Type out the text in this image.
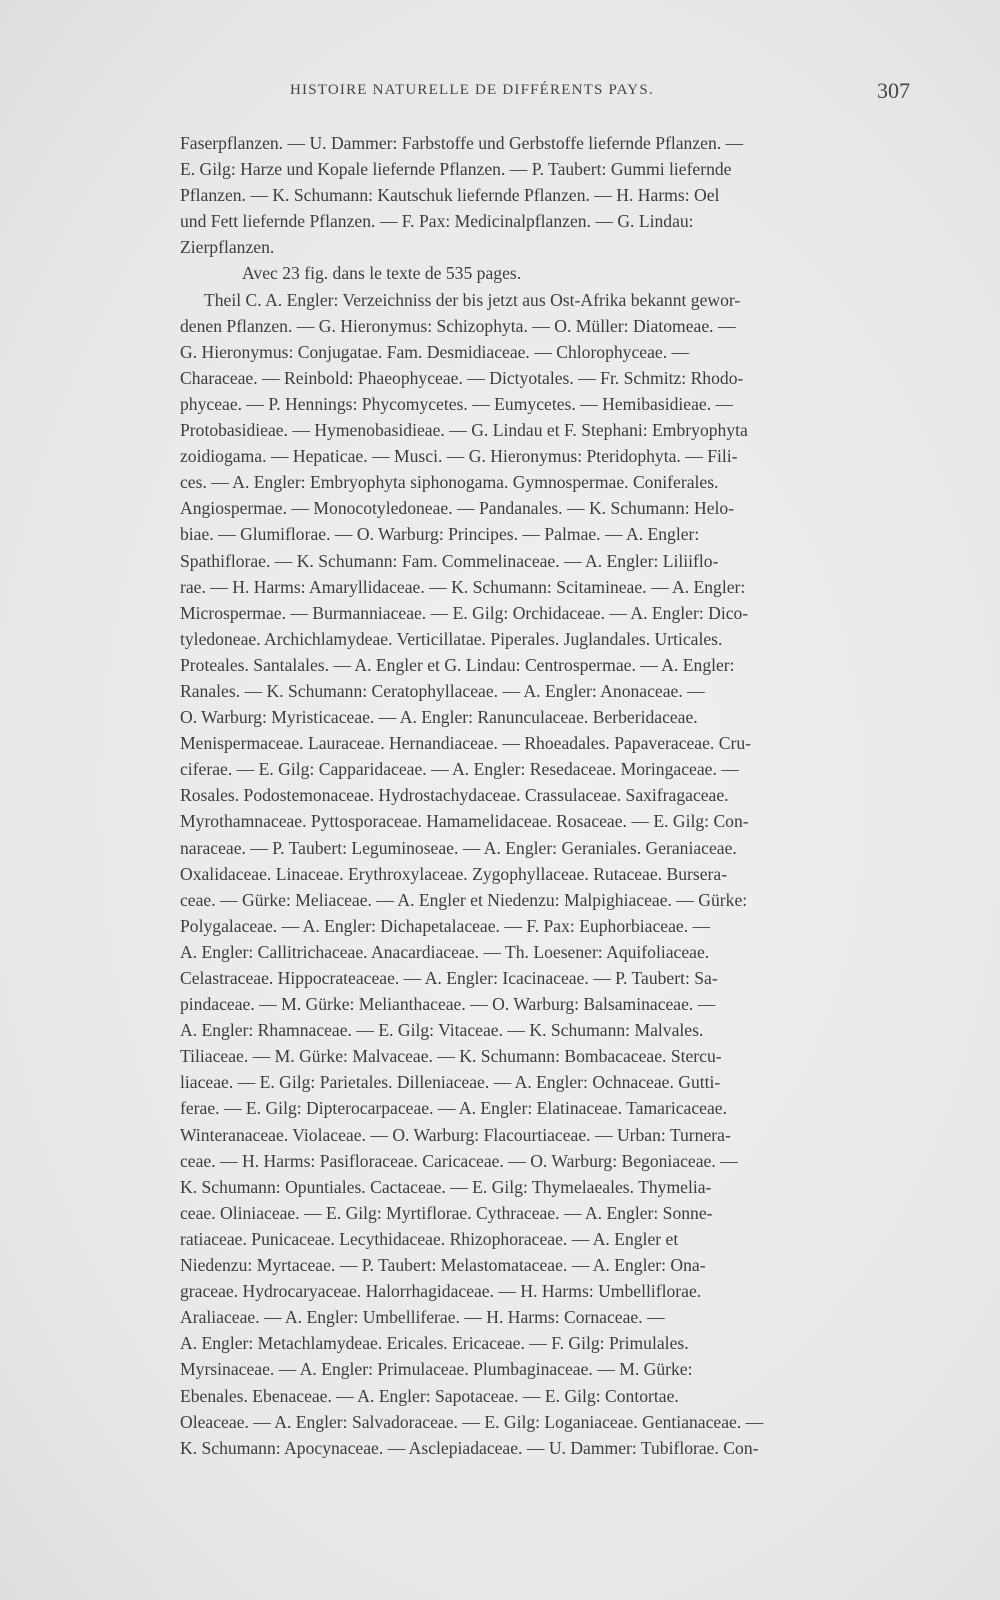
HISTOIRE NATURELLE DE DIFFÉRENTS PAYS.	307
Faserpflanzen. — U. Dammer: Farbstoffe und Gerbstoffe liefernde Pflanzen. —
E. Gilg: Harze und Kopale liefernde Pflanzen. — P. Taubert: Gummi liefernde
Pflanzen. — K. Schumann: Kautschuk liefernde Pflanzen. — H. Harms: Oel
und Fett liefernde Pflanzen. — F. Pax: Medicinalpflanzen. — G. Lindau:
Zierpflanzen.
Avec 23 fig. dans le texte de 535 pages.
Theil C. A. Engler: Verzeichniss der bis jetzt aus Ost-Afrika bekannt gewor-
denen Pflanzen. — G. Hieronymus: Schizophyta. — O. Müller: Diatomeae. —
G. Hieronymus: Conjugatae. Fam. Desmidiaceae. — Chlorophyceae. —
Characeae. — Reinbold: Phaeophyceae. — Dictyotales. — Fr. Schmitz: Rhodo-
phyceae. — P. Hennings: Phycomycetes. — Eumycetes. — Hemibasidieae. —
Protobasidieae. — Hymenobasidieae. — G. Lindau et F. Stephani: Embryophyta
zoidiogama. — Hepaticae. — Musci. — G. Hieronymus: Pteridophyta. — Fili-
ces. — A. Engler: Embryophyta siphonogama. Gymnospermae. Coniferales.
Angiospermae. — Monocotyledoneae. — Pandanales. — K. Schumann: Helo-
biae. — Glumiflorae. — O. Warburg: Principes. — Palmae. — A. Engler:
Spathiflorae. — K. Schumann: Fam. Commelinaceae. — A. Engler: Liliiflo-
rae. — H. Harms: Amaryllidaceae. — K. Schumann: Scitamineae. — A. Engler:
Microspermae. — Burmanniaceae. — E. Gilg: Orchidaceae. — A. Engler: Dico-
tyledoneae. Archichlamydeae. Verticillatae. Piperales. Juglandales. Urticales.
Proteales. Santalales. — A. Engler et G. Lindau: Centrospermae. — A. Engler:
Ranales. — K. Schumann: Ceratophyllaceae. — A. Engler: Anonaceae. —
O. Warburg: Myristicaceae. — A. Engler: Ranunculaceae. Berberidaceae.
Menispermaceae. Lauraceae. Hernandiaceae. — Rhoeadales. Papaveraceae. Cru-
ciferae. — E. Gilg: Capparidaceae. — A. Engler: Resedaceae. Moringaceae. —
Rosales. Podostemonaceae. Hydrostachydaceae. Crassulaceae. Saxifragaceae.
Myrothamnaceae. Pyttosporaceae. Hamamelidaceae. Rosaceae. — E. Gilg: Con-
naraceae. — P. Taubert: Leguminoseae. — A. Engler: Geraniales. Geraniaceae.
Oxalidaceae. Linaceae. Erythroxylaceae. Zygophyllaceae. Rutaceae. Bursera-
ceae. — Gürke: Meliaceae. — A. Engler et Niedenzu: Malpighiaceae. — Gürke:
Polygalaceae. — A. Engler: Dichapetalaceae. — F. Pax: Euphorbiaceae. —
A. Engler: Callitrichaceae. Anacardiaceae. — Th. Loesener: Aquifoliaceae.
Celastraceae. Hippocrateaceae. — A. Engler: Icacinaceae. — P. Taubert: Sa-
pindaceae. — M. Gürke: Melianthaceae. — O. Warburg: Balsaminaceae. —
A. Engler: Rhamnaceae. — E. Gilg: Vitaceae. — K. Schumann: Malvales.
Tiliaceae. — M. Gürke: Malvaceae. — K. Schumann: Bombacaceae. Stercu-
liaceae. — E. Gilg: Parietales. Dilleniaceae. — A. Engler: Ochnaceae. Gutti-
ferae. — E. Gilg: Dipterocarpaceae. — A. Engler: Elatinaceae. Tamaricaceae.
Winteranaceae. Violaceae. — O. Warburg: Flacourtiaceae. — Urban: Turnera-
ceae. — H. Harms: Pasifloraceae. Caricaceae. — O. Warburg: Begoniaceae. —
K. Schumann: Opuntiales. Cactaceae. — E. Gilg: Thymelaeales. Thymelia-
ceae. Oliniaceae. — E. Gilg: Myrtiflorae. Cythraceae. — A. Engler: Sonne-
ratiaceae. Punicaceae. Lecythidaceae. Rhizophoraceae. — A. Engler et
Niedenzu: Myrtaceae. — P. Taubert: Melastomataceae. — A. Engler: Ona-
graceae. Hydrocaryaceae. Halorrhagidaceae. — H. Harms: Umbelliflorae.
Araliaceae. — A. Engler: Umbelliferae. — H. Harms: Cornaceae. —
A. Engler: Metachlamydeae. Ericales. Ericaceae. — F. Gilg: Primulales.
Myrsinaceae. — A. Engler: Primulaceae. Plumbaginaceae. — M. Gürke:
Ebenales. Ebenaceae. — A. Engler: Sapotaceae. — E. Gilg: Contortae.
Oleaceae. — A. Engler: Salvadoraceae. — E. Gilg: Loganiaceae. Gentianaceae. —
K. Schumann: Apocynaceae. — Asclepiadaceae. — U. Dammer: Tubiflorae. Con-
